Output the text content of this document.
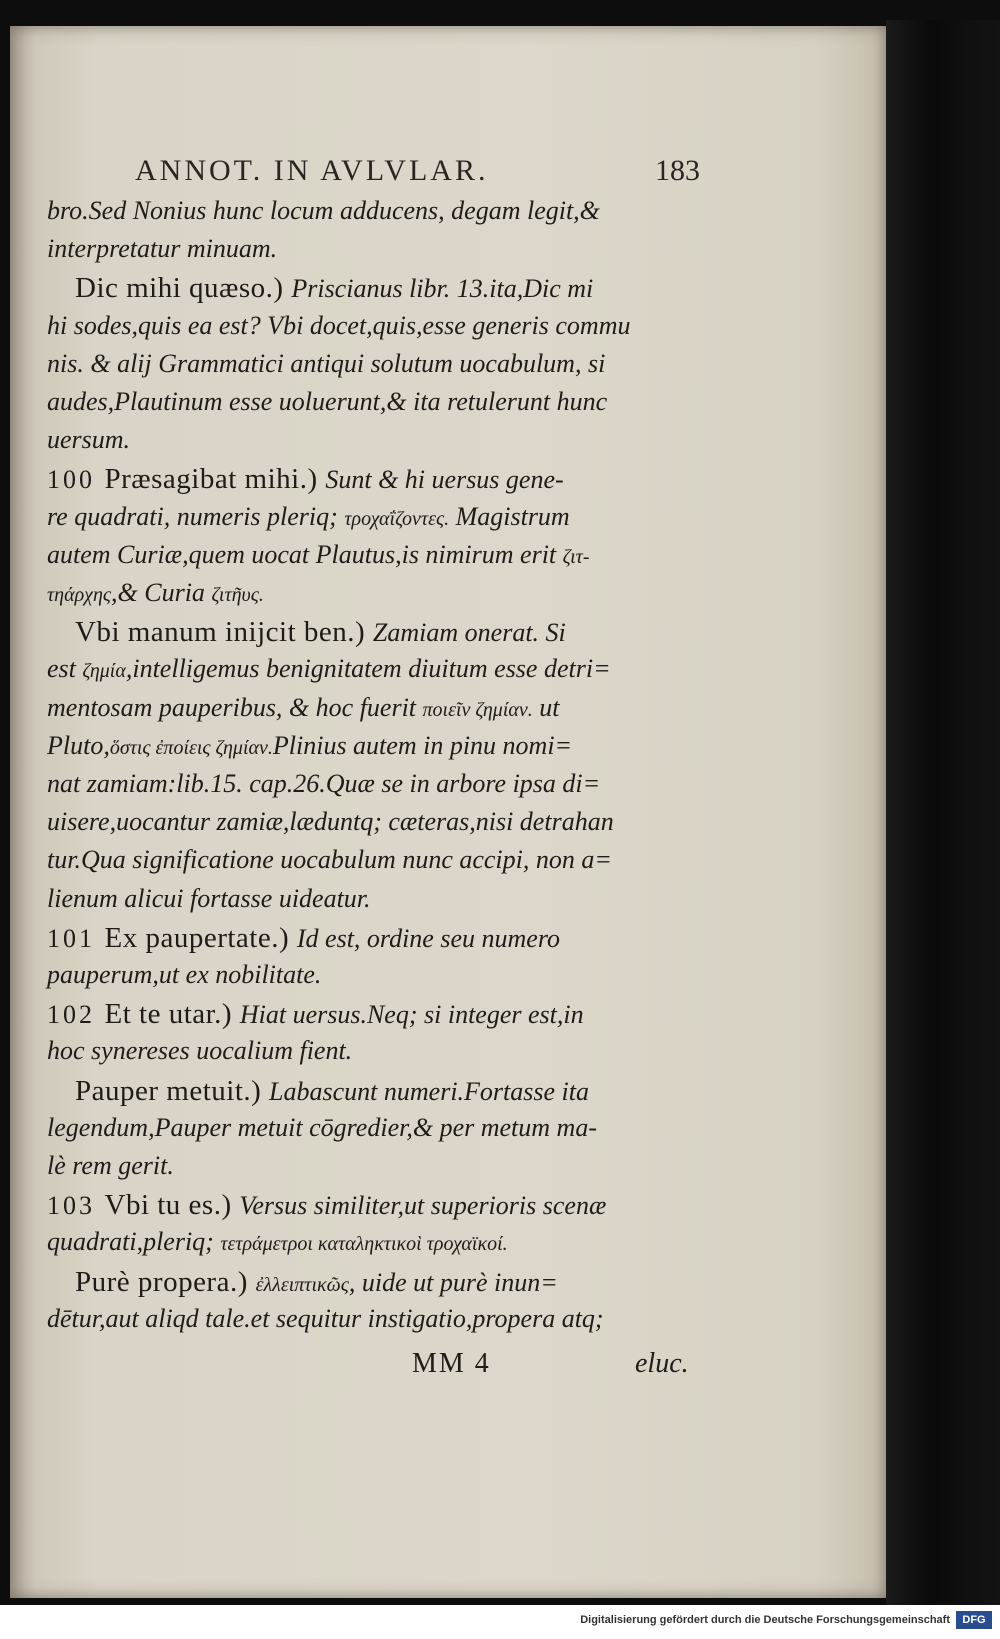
ANNOT. IN AVLVLAR.	183
bro.Sed Nonius hunc locum adducens, degam legit,&
interpretatur minuam.
Dic mihi quæso.) Priscianus libr. 13.ita,Dic mi
hi sodes,quis ea est? Vbi docet,quis,esse generis commu
nis. & alij Grammatici antiqui solutum uocabulum, si
audes,Plautinum esse uoluerunt,& ita retulerunt hunc
uersum.
100 Præsagibat mihi.) Sunt & hi uersus gene-
re quadrati, numeris pleriq; τροχαΐζοντες. Magistrum
autem Curiæ,quem uocat Plautus,is nimirum erit ζιτ-
τηάρχης,& Curia ζιτῆυς.
Vbi manum inijcit ben.) Zamiam onerat. Si
est ζημία,intelligemus benignitatem diuitum esse detri=
mentosam pauperibus, & hoc fuerit ποιεῖν ζημίαν. ut
Pluto,ὅστις ἐποίεις ζημίαν.Plinius autem in pinu nomi=
nat zamiam:lib.15. cap.26.Quæ se in arbore ipsa di=
uisere,uocantur zamiæ,læduntq; cæteras,nisi detrahan
tur.Qua significatione uocabulum nunc accipi, non a=
lienum alicui fortasse uideatur.
101 Ex paupertate.) Id est, ordine seu numero
pauperum,ut ex nobilitate.
102 Et te utar.) Hiat uersus.Neq; si integer est,in
hoc synereses uocalium fient.
Pauper metuit.) Labascunt numeri.Fortasse ita
legendum,Pauper metuit cōgredier,& per metum ma-
lè rem gerit.
103 Vbi tu es.) Versus similiter,ut superioris scenæ
quadrati,pleriq; τετράμετροι καταληκτικοὶ τροχαϊκοί.
Purè propera.) ἐλλειπτικῶς, uide ut purè inun=
dētur,aut aliqd tale.et sequitur instigatio,propera atq;
MM 4	eluc.
Digitalisierung gefördert durch die Deutsche Forschungsgemeinschaft	DFG
